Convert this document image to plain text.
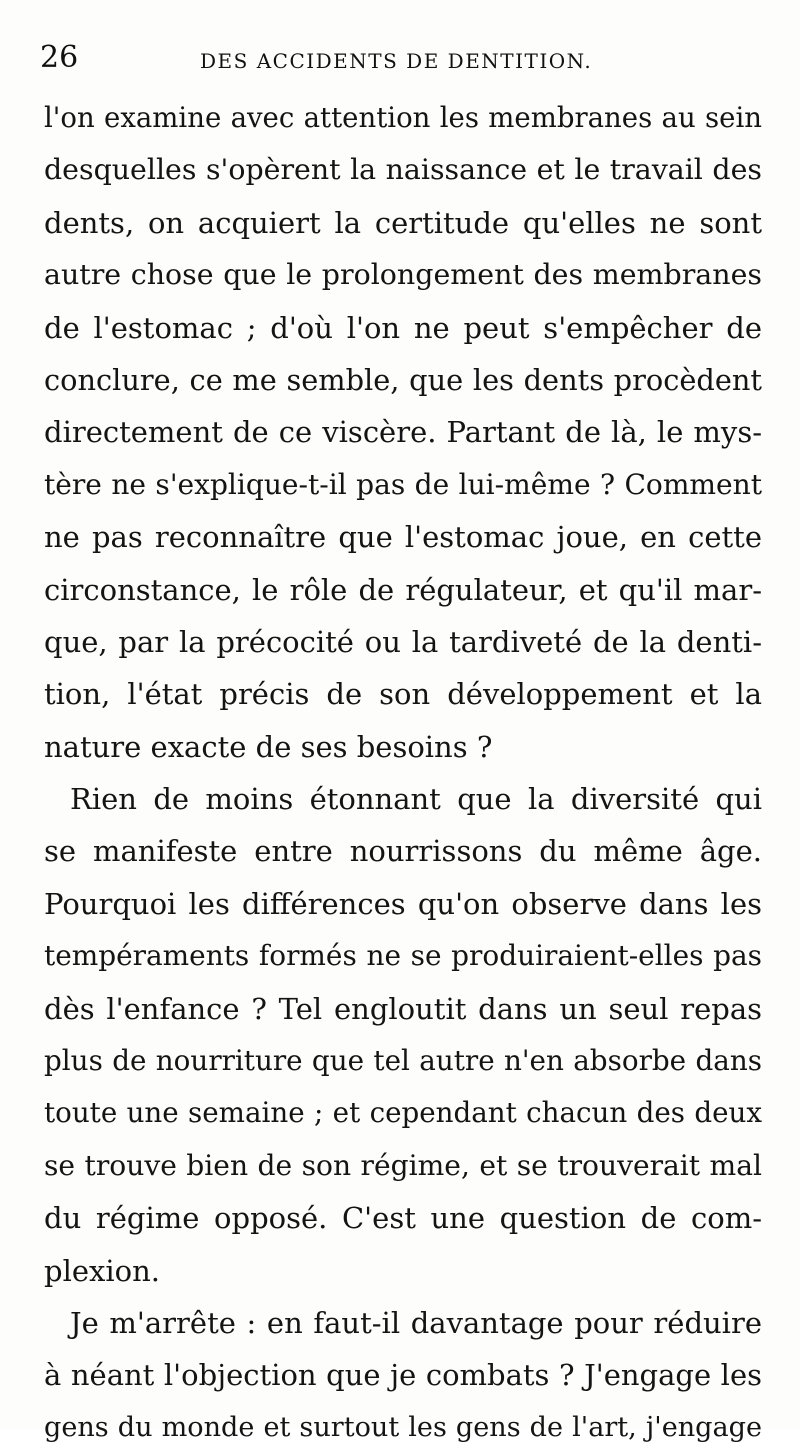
26	DES ACCIDENTS DE DENTITION.
l'on examine avec attention les membranes au sein
desquelles s'opèrent la naissance et le travail des
dents, on acquiert la certitude qu'elles ne sont
autre chose que le prolongement des membranes
de l'estomac ; d'où l'on ne peut s'empêcher de
conclure, ce me semble, que les dents procèdent
directement de ce viscère. Partant de là, le mys-
tère ne s'explique-t-il pas de lui-même ? Comment
ne pas reconnaître que l'estomac joue, en cette
circonstance, le rôle de régulateur, et qu'il mar-
que, par la précocité ou la tardiveté de la denti-
tion, l'état précis de son développement et la
nature exacte de ses besoins ?
Rien de moins étonnant que la diversité qui
se manifeste entre nourrissons du même âge.
Pourquoi les différences qu'on observe dans les
tempéraments formés ne se produiraient-elles pas
dès l'enfance ? Tel engloutit dans un seul repas
plus de nourriture que tel autre n'en absorbe dans
toute une semaine ; et cependant chacun des deux
se trouve bien de son régime, et se trouverait mal
du régime opposé. C'est une question de com-
plexion.
Je m'arrête : en faut-il davantage pour réduire
à néant l'objection que je combats ? J'engage les
gens du monde et surtout les gens de l'art, j'engage
